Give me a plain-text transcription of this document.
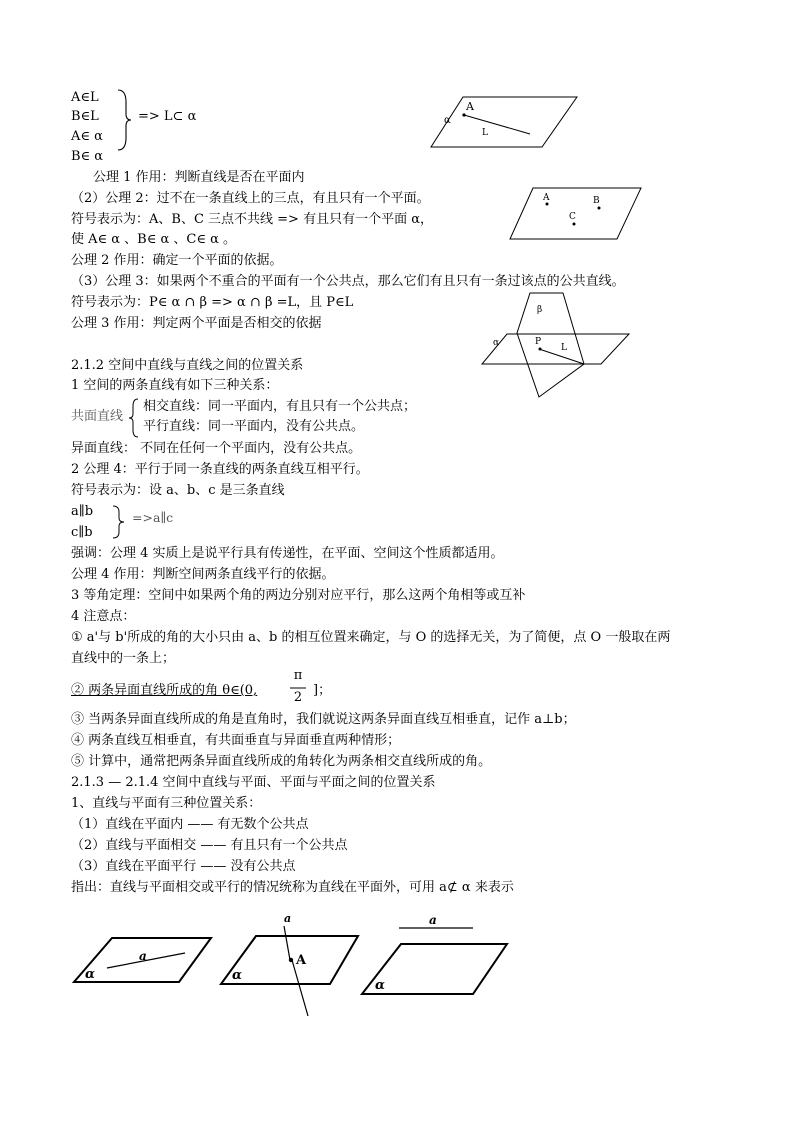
A∈L
B∈L
A∈ α
B∈ α
=> L⊂ α
公理 1 作用：判断直线是否在平面内
A
α
L
（2）公理 2：过不在一条直线上的三点，有且只有一个平面。
符号表示为：A、B、C 三点不共线 => 有且只有一个平面 α，
使 A∈ α 、B∈ α 、C∈ α 。
公理 2 作用：确定一个平面的依据。
A	B
C
（3）公理 3：如果两个不重合的平面有一个公共点，那么它们有且只有一条过该点的公共直线。
符号表示为：P∈ α ∩ β => α ∩ β =L，且 P∈L
公理 3 作用：判定两个平面是否相交的依据
β
α	P
L
2.1.2 空间中直线与直线之间的位置关系
1 空间的两条直线有如下三种关系：
共面直线
相交直线：同一平面内，有且只有一个公共点；
平行直线：同一平面内，没有公共点。
异面直线： 不同在任何一个平面内，没有公共点。
2 公理 4：平行于同一条直线的两条直线互相平行。
符号表示为：设 a、b、c 是三条直线
a∥b
c∥b
=>a∥c
强调：公理 4 实质上是说平行具有传递性，在平面、空间这个性质都适用。
公理 4 作用：判断空间两条直线平行的依据。
3 等角定理：空间中如果两个角的两边分别对应平行，那么这两个角相等或互补
4 注意点：
① a'与 b'所成的角的大小只由 a、b 的相互位置来确定，与 O 的选择无关，为了简便，点 O 一般取在两
直线中的一条上；
② 两条异面直线所成的角 θ∈(0,
π
2 ]；
③ 当两条异面直线所成的角是直角时，我们就说这两条异面直线互相垂直，记作 a⊥b；
④ 两条直线互相垂直，有共面垂直与异面垂直两种情形；
⑤ 计算中，通常把两条异面直线所成的角转化为两条相交直线所成的角。
2.1.3 — 2.1.4 空间中直线与平面、平面与平面之间的位置关系
1、直线与平面有三种位置关系：
（1）直线在平面内 —— 有无数个公共点
（2）直线与平面相交 —— 有且只有一个公共点
（3）直线在平面平行 —— 没有公共点
指出：直线与平面相交或平行的情况统称为直线在平面外，可用 a⊄ α 来表示
a
α
a
A
α
a
α
